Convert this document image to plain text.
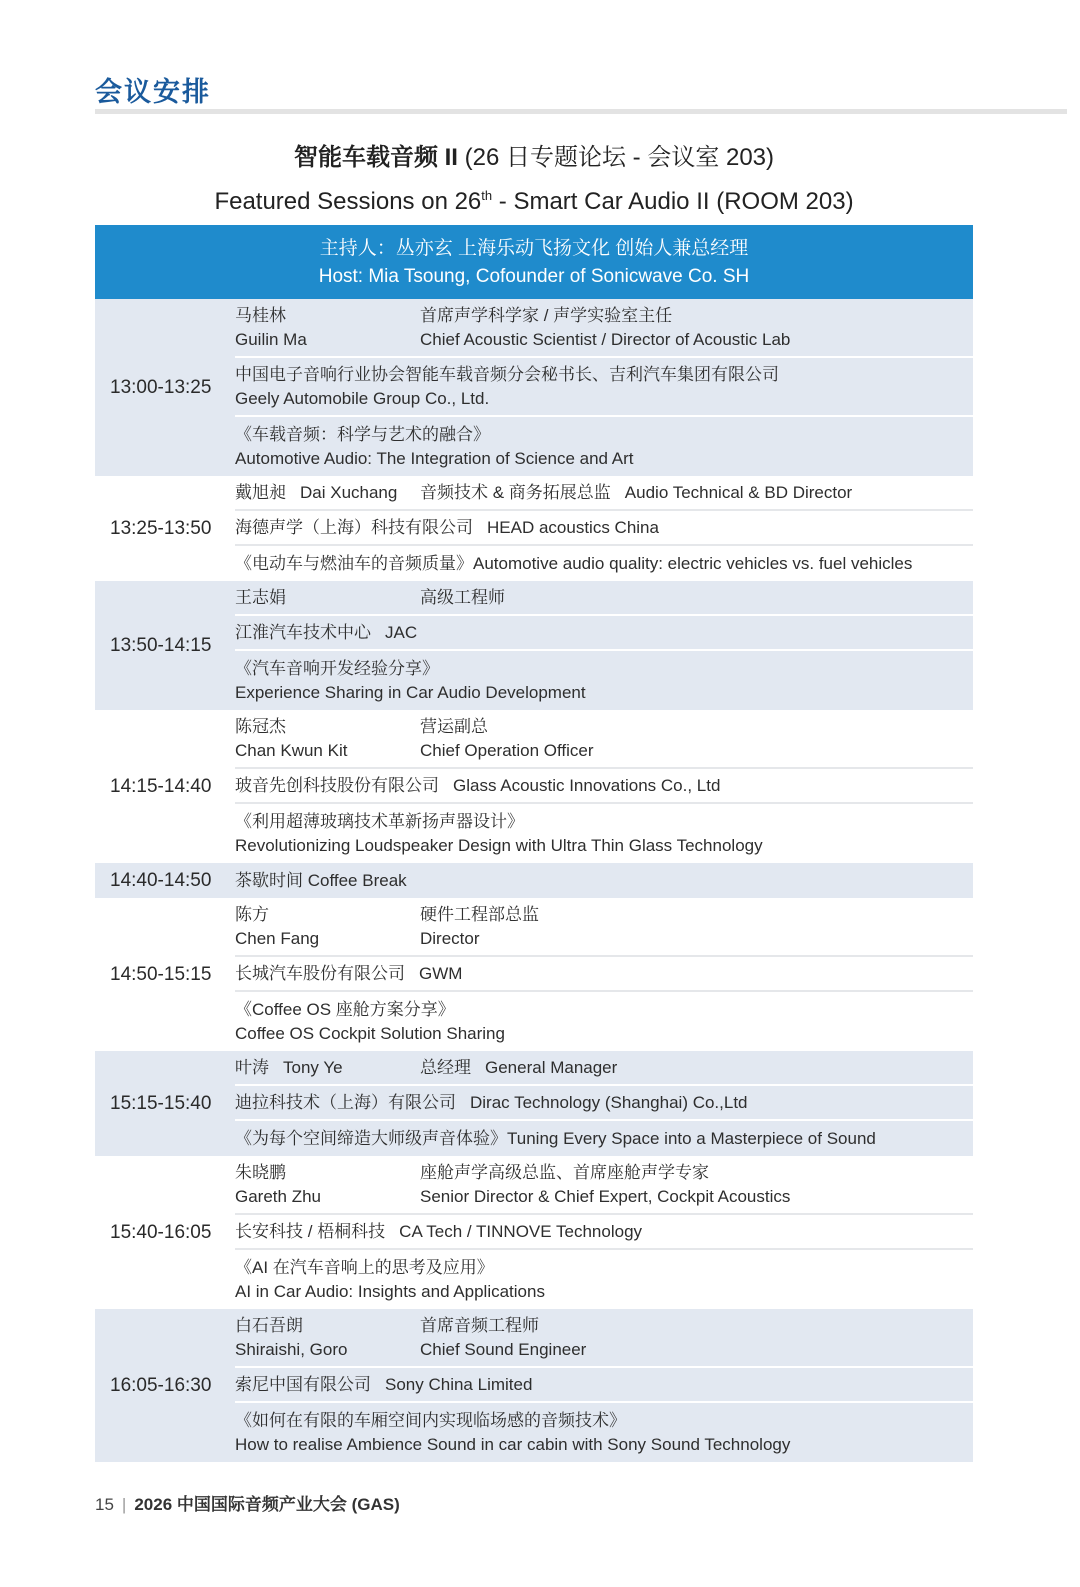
会议安排
智能车载音频 II (26 日专题论坛 - 会议室 203)
Featured Sessions on 26th - Smart Car Audio II (ROOM 203)
主持人：丛亦玄 上海乐动飞扬文化 创始人兼总经理
Host: Mia Tsoung, Cofounder of Sonicwave Co. SH
13:00-13:25
马桂林	首席声学科学家 / 声学实验室主任
Guilin Ma	Chief Acoustic Scientist / Director of Acoustic Lab
中国电子音响行业协会智能车载音频分会秘书长、吉利汽车集团有限公司
Geely Automobile Group Co., Ltd.
《车载音频：科学与艺术的融合》
Automotive Audio: The Integration of Science and Art
13:25-13:50
戴旭昶 Dai Xuchang	音频技术 & 商务拓展总监 Audio Technical & BD Director
海德声学（上海）科技有限公司 HEAD acoustics China
《电动车与燃油车的音频质量》Automotive audio quality: electric vehicles vs. fuel vehicles
13:50-14:15
王志娟	高级工程师
江淮汽车技术中心 JAC
《汽车音响开发经验分享》
Experience Sharing in Car Audio Development
14:15-14:40
陈冠杰	营运副总
Chan Kwun Kit	Chief Operation Officer
玻音先创科技股份有限公司 Glass Acoustic Innovations Co., Ltd
《利用超薄玻璃技术革新扬声器设计》
Revolutionizing Loudspeaker Design with Ultra Thin Glass Technology
14:40-14:50	茶歇时间 Coffee Break
14:50-15:15
陈方	硬件工程部总监
Chen Fang	Director
长城汽车股份有限公司 GWM
《Coffee OS 座舱方案分享》
Coffee OS Cockpit Solution Sharing
15:15-15:40
叶涛 Tony Ye	总经理 General Manager
迪拉科技术（上海）有限公司 Dirac Technology (Shanghai) Co.,Ltd
《为每个空间缔造大师级声音体验》Tuning Every Space into a Masterpiece of Sound
15:40-16:05
朱晓鹏	座舱声学高级总监、首席座舱声学专家
Gareth Zhu	Senior Director & Chief Expert, Cockpit Acoustics
长安科技 / 梧桐科技 CA Tech / TINNOVE Technology
《AI 在汽车音响上的思考及应用》
AI in Car Audio: Insights and Applications
16:05-16:30
白石吾朗	首席音频工程师
Shiraishi, Goro	Chief Sound Engineer
索尼中国有限公司 Sony China Limited
《如何在有限的车厢空间内实现临场感的音频技术》
How to realise Ambience Sound in car cabin with Sony Sound Technology
15 | 2026 中国国际音频产业大会 (GAS)
